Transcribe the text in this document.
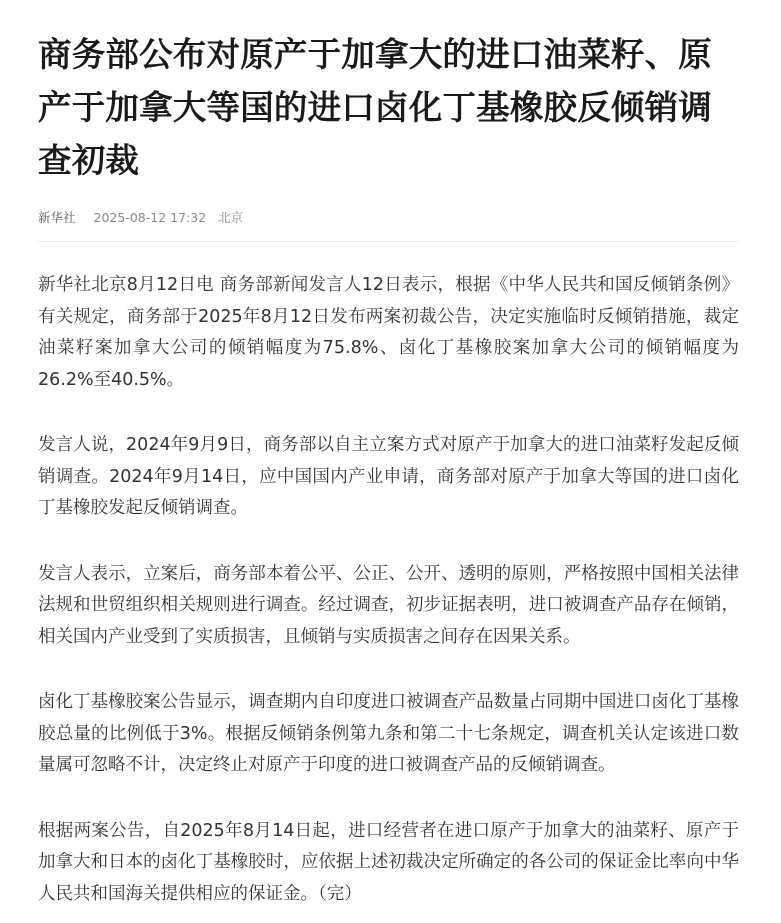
商务部公布对原产于加拿大的进口油菜籽、原产于加拿大等国的进口卤化丁基橡胶反倾销调查初裁
新华社 2025-08-12 17:32 北京

新华社北京8月12日电 商务部新闻发言人12日表示，根据《中华人民共和国反倾销条例》有关规定，商务部于2025年8月12日发布两案初裁公告，决定实施临时反倾销措施，裁定油菜籽案加拿大公司的倾销幅度为75.8%、卤化丁基橡胶案加拿大公司的倾销幅度为26.2%至40.5%。

发言人说，2024年9月9日，商务部以自主立案方式对原产于加拿大的进口油菜籽发起反倾销调查。2024年9月14日，应中国国内产业申请，商务部对原产于加拿大等国的进口卤化丁基橡胶发起反倾销调查。

发言人表示，立案后，商务部本着公平、公正、公开、透明的原则，严格按照中国相关法律法规和世贸组织相关规则进行调查。经过调查，初步证据表明，进口被调查产品存在倾销，相关国内产业受到了实质损害，且倾销与实质损害之间存在因果关系。

卤化丁基橡胶案公告显示，调查期内自印度进口被调查产品数量占同期中国进口卤化丁基橡胶总量的比例低于3%。根据反倾销条例第九条和第二十七条规定，调查机关认定该进口数量属可忽略不计，决定终止对原产于印度的进口被调查产品的反倾销调查。

根据两案公告，自2025年8月14日起，进口经营者在进口原产于加拿大的油菜籽、原产于加拿大和日本的卤化丁基橡胶时，应依据上述初裁决定所确定的各公司的保证金比率向中华人民共和国海关提供相应的保证金。（完）
